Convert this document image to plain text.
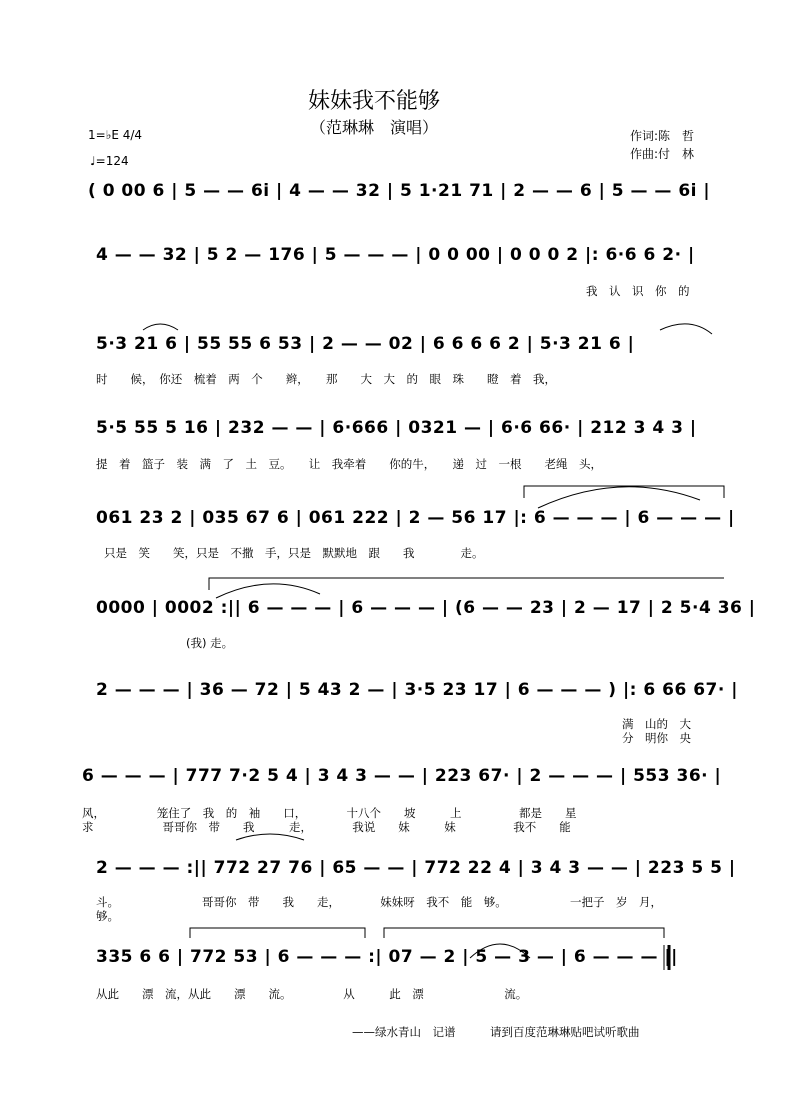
妹妹我不能够
（范琳琳　演唱）
1=♭E 4/4
♩=124
作词:陈　哲
作曲:付　林
( 0 00 6 | 5 — — 6i | 4 — — 32 | 5 1·21 71 | 2 — — 6 | 5 — — 6i |
4 — — 32 | 5 2 — 176 | 5 — — — | 0 0 00 | 0 0 0 2 |: 6·6 6 2· |
我　认　识　你　的
5·3 21 6 | 55 55 6 53 | 2 — — 02 | 6 6 6 6 2 | 5·3 21 6 |
时　　候，　你还　梳着　两　个　　辫，　　那　　大　大　的　眼　珠　　瞪　着　我，
5·5 55 5 16 | 232 — — | 6·666 | 0321 — | 6·6 66· | 212 3 4 3 |
提　着　篮子　装　满　了　土　豆。　　让　我牵着　　你的牛，　　递　过　一根　　老绳　头，
061 23 2 | 035 67 6 | 061 222 | 2 — 56 17 |: 6 — — — | 6 — — — |
只是　笑　　笑，只是　不撒　手，只是　默默地　跟　　我　　　　走。
0000 | 0002 :|| 6 — — — | 6 — — — | (6 — — 23 | 2 — 17 | 2 5·4 36 |
(我) 走。
2 — — — | 36 — 72 | 5 43 2 — | 3·5 23 17 | 6 — — — ) |: 6 66 67· |
满　山的　大
分　明你　央
6 — — — | 777 7·2 5 4 | 3 4 3 — — | 223 67· | 2 — — — | 553 36· |
风，　　　　　笼住了　我　的　袖　　口，　　　　十八个　　坡　　　上　　　　　都是　　星
求　　　　　　哥哥你　带　　我　　　走，　　　　我说　　妹　　　妹　　　　　我不　　能
2 — — — :|| 772 27 76 | 65 — — | 772 22 4 | 3 4 3 — — | 223 5 5 |
斗。
够。
哥哥你　带　　我　　走，　　　　妹妹呀　我不　能　够。　　　　　　一把子　岁　月，
335 6 6 | 772 53 | 6 — — — :| 07 — 2 | 5 — 3 — | 6 — — — ||
从此　　漂　流，从此　　漂　　流。　　　　　从　　　此　漂　　　　　　　流。
——绿水青山　记谱　　　请到百度范琳琳贴吧试听歌曲
